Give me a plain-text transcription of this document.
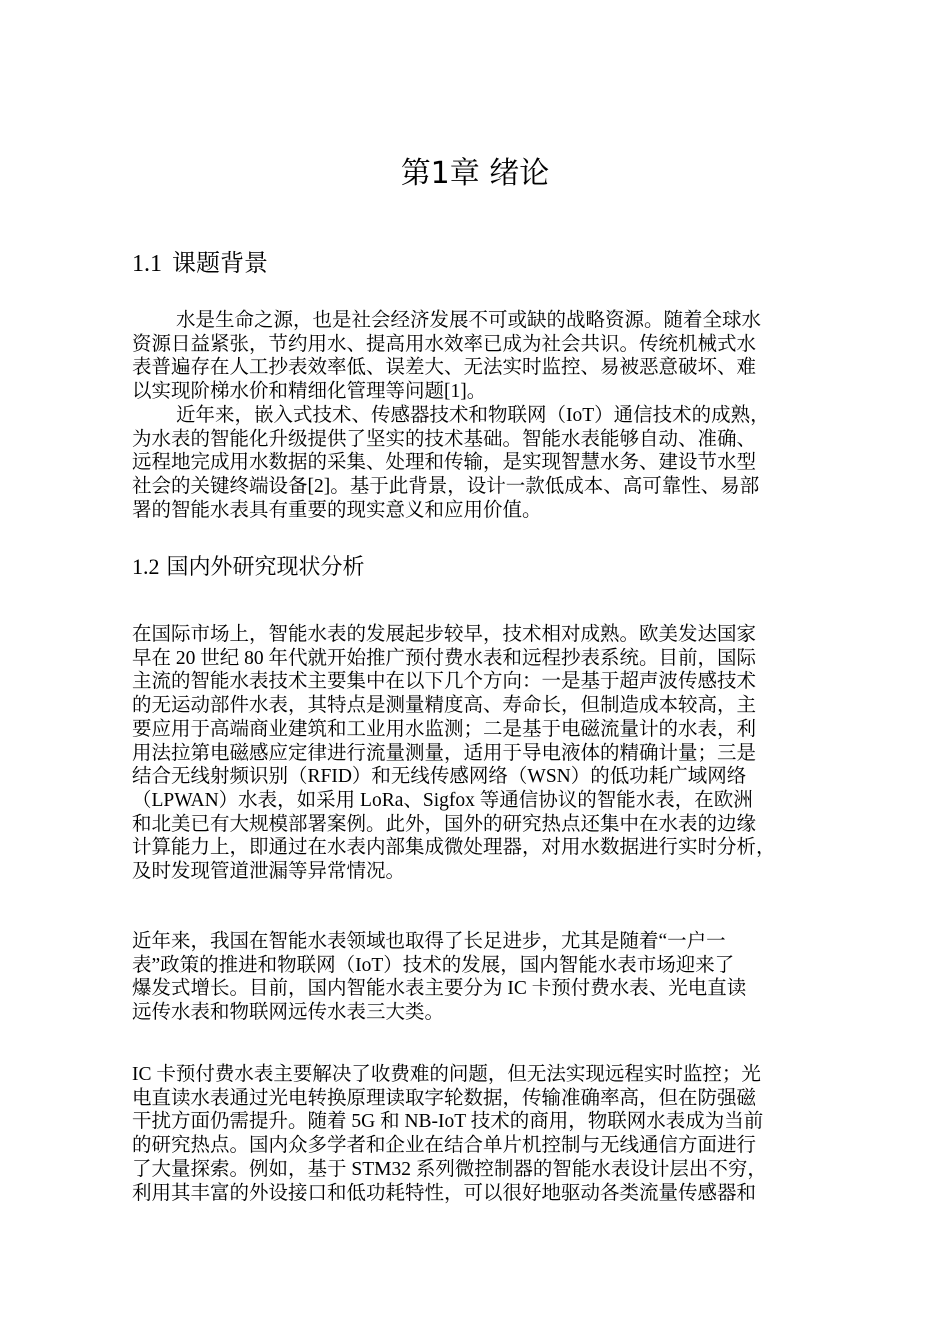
第1章 绪论
1.1 课题背景

水是生命之源，也是社会经济发展不可或缺的战略资源。随着全球水
资源日益紧张，节约用水、提高用水效率已成为社会共识。传统机械式水
表普遍存在人工抄表效率低、误差大、无法实时监控、易被恶意破坏、难
以实现阶梯水价和精细化管理等问题[1]。

近年来，嵌入式技术、传感器技术和物联网（IoT）通信技术的成熟，
为水表的智能化升级提供了坚实的技术基础。智能水表能够自动、准确、
远程地完成用水数据的采集、处理和传输，是实现智慧水务、建设节水型
社会的关键终端设备[2]。基于此背景，设计一款低成本、高可靠性、易部
署的智能水表具有重要的现实意义和应用价值。

1.2 国内外研究现状分析

在国际市场上，智能水表的发展起步较早，技术相对成熟。欧美发达国家
早在 20 世纪 80 年代就开始推广预付费水表和远程抄表系统。目前，国际
主流的智能水表技术主要集中在以下几个方向：一是基于超声波传感技术
的无运动部件水表，其特点是测量精度高、寿命长，但制造成本较高，主
要应用于高端商业建筑和工业用水监测；二是基于电磁流量计的水表，利
用法拉第电磁感应定律进行流量测量，适用于导电液体的精确计量；三是
结合无线射频识别（RFID）和无线传感网络（WSN）的低功耗广域网络
（LPWAN）水表，如采用 LoRa、Sigfox 等通信协议的智能水表，在欧洲
和北美已有大规模部署案例。此外，国外的研究热点还集中在水表的边缘
计算能力上，即通过在水表内部集成微处理器，对用水数据进行实时分析，
及时发现管道泄漏等异常情况。

近年来，我国在智能水表领域也取得了长足进步，尤其是随着“一户一
表”政策的推进和物联网（IoT）技术的发展，国内智能水表市场迎来了
爆发式增长。目前，国内智能水表主要分为 IC 卡预付费水表、光电直读
远传水表和物联网远传水表三大类。

IC 卡预付费水表主要解决了收费难的问题，但无法实现远程实时监控；光
电直读水表通过光电转换原理读取字轮数据，传输准确率高，但在防强磁
干扰方面仍需提升。随着 5G 和 NB-IoT 技术的商用，物联网水表成为当前
的研究热点。国内众多学者和企业在结合单片机控制与无线通信方面进行
了大量探索。例如，基于 STM32 系列微控制器的智能水表设计层出不穷，
利用其丰富的外设接口和低功耗特性，可以很好地驱动各类流量传感器和
